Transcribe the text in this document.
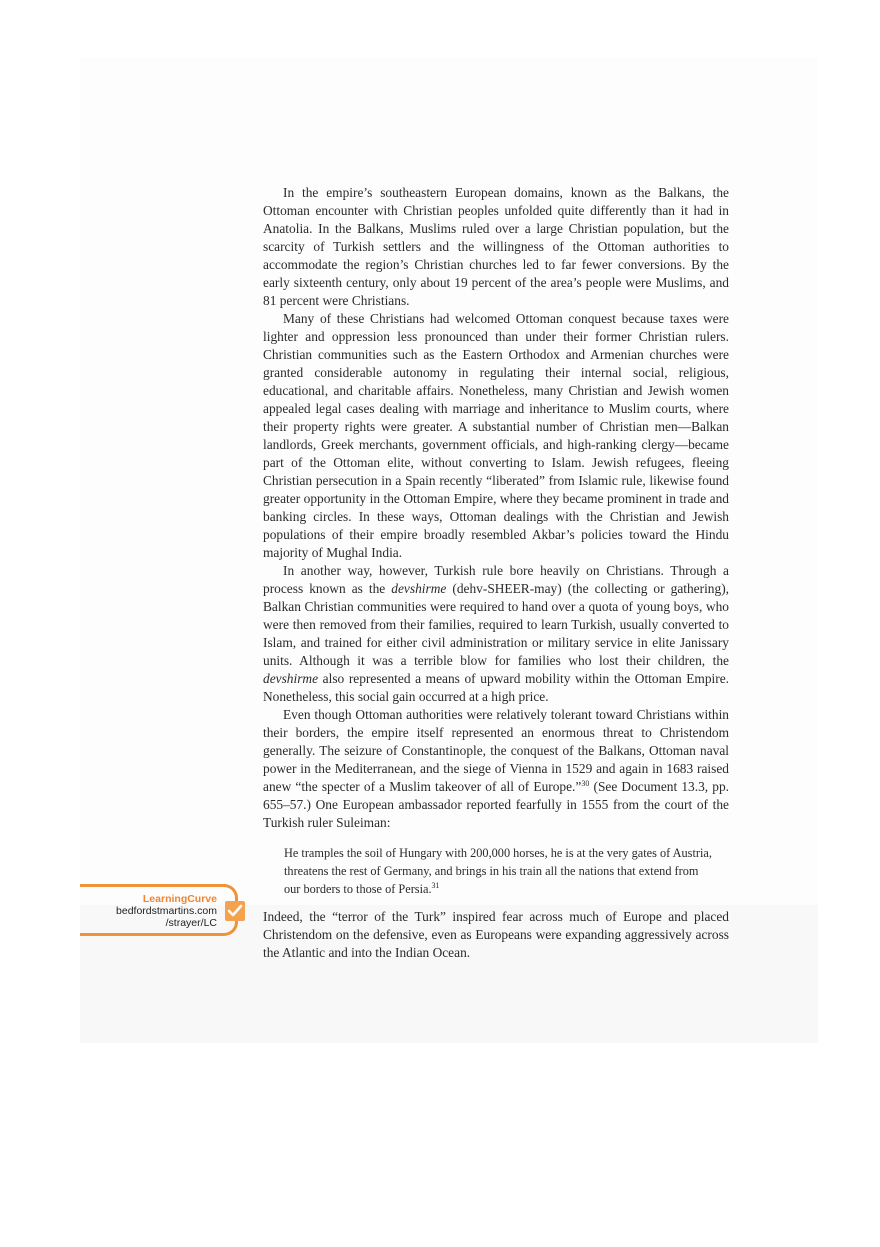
In the empire’s southeastern European domains, known as the Balkans, the Ottoman encounter with Christian peoples unfolded quite differently than it had in Anatolia. In the Balkans, Muslims ruled over a large Christian population, but the scarcity of Turkish settlers and the willingness of the Ottoman authorities to accommodate the region’s Christian churches led to far fewer conversions. By the early sixteenth century, only about 19 percent of the area’s people were Muslims, and 81 percent were Christians.

Many of these Christians had welcomed Ottoman conquest because taxes were lighter and oppression less pronounced than under their former Christian rulers. Christian communities such as the Eastern Orthodox and Armenian churches were granted considerable autonomy in regulating their internal social, religious, educational, and charitable affairs. Nonetheless, many Christian and Jewish women appealed legal cases dealing with marriage and inheritance to Muslim courts, where their property rights were greater. A substantial number of Christian men—Balkan landlords, Greek merchants, government officials, and high-ranking clergy—became part of the Ottoman elite, without converting to Islam. Jewish refugees, fleeing Christian persecution in a Spain recently “liberated” from Islamic rule, likewise found greater opportunity in the Ottoman Empire, where they became prominent in trade and banking circles. In these ways, Ottoman dealings with the Christian and Jewish populations of their empire broadly resembled Akbar’s policies toward the Hindu majority of Mughal India.

In another way, however, Turkish rule bore heavily on Christians. Through a process known as the devshirme (dehv-SHEER-may) (the collecting or gathering), Balkan Christian communities were required to hand over a quota of young boys, who were then removed from their families, required to learn Turkish, usually converted to Islam, and trained for either civil administration or military service in elite Janissary units. Although it was a terrible blow for families who lost their children, the devshirme also represented a means of upward mobility within the Ottoman Empire. Nonetheless, this social gain occurred at a high price.

Even though Ottoman authorities were relatively tolerant toward Christians within their borders, the empire itself represented an enormous threat to Christendom generally. The seizure of Constantinople, the conquest of the Balkans, Ottoman naval power in the Mediterranean, and the siege of Vienna in 1529 and again in 1683 raised anew “the specter of a Muslim takeover of all of Europe.”$^{30}$ (See Document 13.3, pp. 655–57.) One European ambassador reported fearfully in 1555 from the court of the Turkish ruler Suleiman:

He tramples the soil of Hungary with 200,000 horses, he is at the very gates of Austria, threatens the rest of Germany, and brings in his train all the nations that extend from our borders to those of Persia.$^{31}$

Indeed, the “terror of the Turk” inspired fear across much of Europe and placed Christendom on the defensive, even as Europeans were expanding aggressively across the Atlantic and into the Indian Ocean.

LearningCurve
bedfordstmartins.com
/strayer/LC
